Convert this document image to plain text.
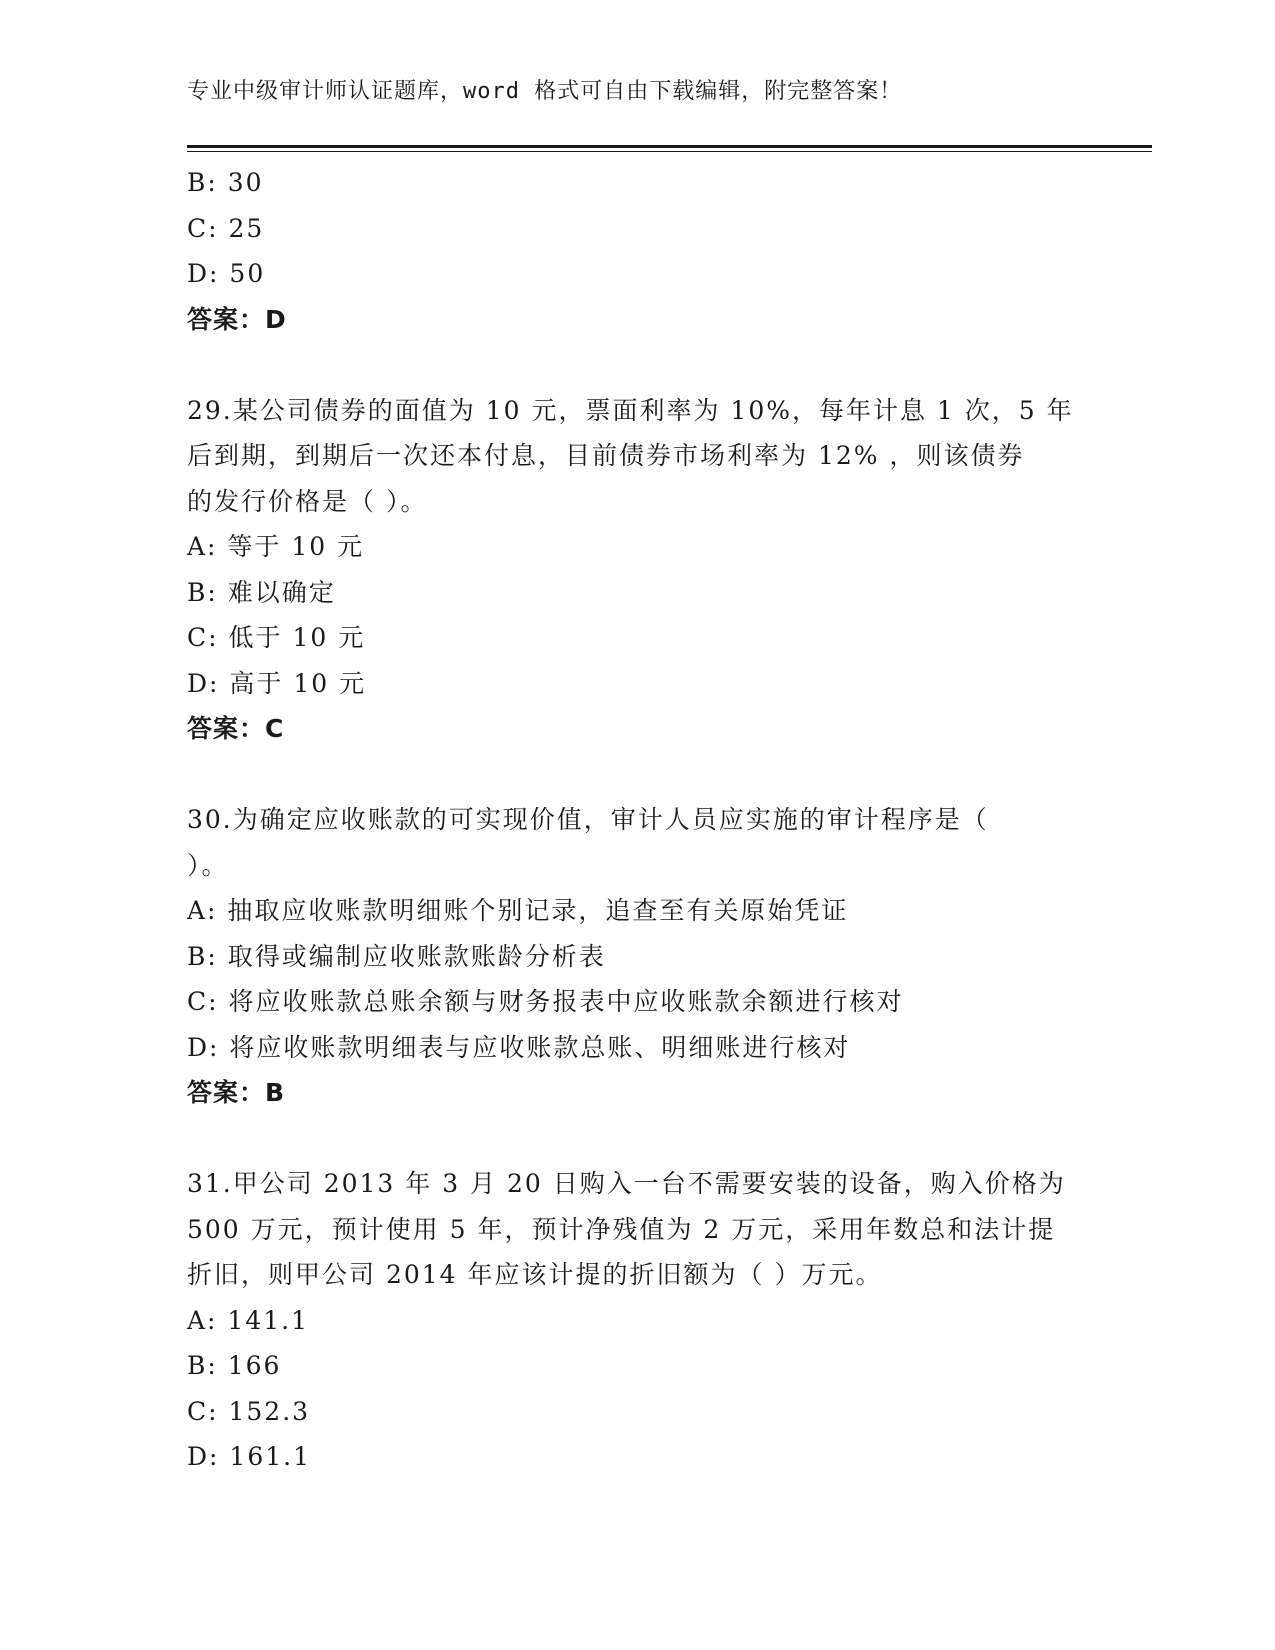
专业中级审计师认证题库，word 格式可自由下载编辑，附完整答案！
B: 30
C: 25
D: 50
答案：D
29.某公司债券的面值为 10 元，票面利率为 10%，每年计息 1 次，5 年
后到期，到期后一次还本付息，目前债券市场利率为 12% ，则该债券
的发行价格是（ ）。
A: 等于 10 元
B: 难以确定
C: 低于 10 元
D: 高于 10 元
答案：C
30.为确定应收账款的可实现价值，审计人员应实施的审计程序是（
）。
A: 抽取应收账款明细账个别记录，追查至有关原始凭证
B: 取得或编制应收账款账龄分析表
C: 将应收账款总账余额与财务报表中应收账款余额进行核对
D: 将应收账款明细表与应收账款总账、明细账进行核对
答案：B
31.甲公司 2013 年 3 月 20 日购入一台不需要安装的设备，购入价格为
500 万元，预计使用 5 年，预计净残值为 2 万元，采用年数总和法计提
折旧，则甲公司 2014 年应该计提的折旧额为（ ）万元。
A: 141.1
B: 166
C: 152.3
D: 161.1
